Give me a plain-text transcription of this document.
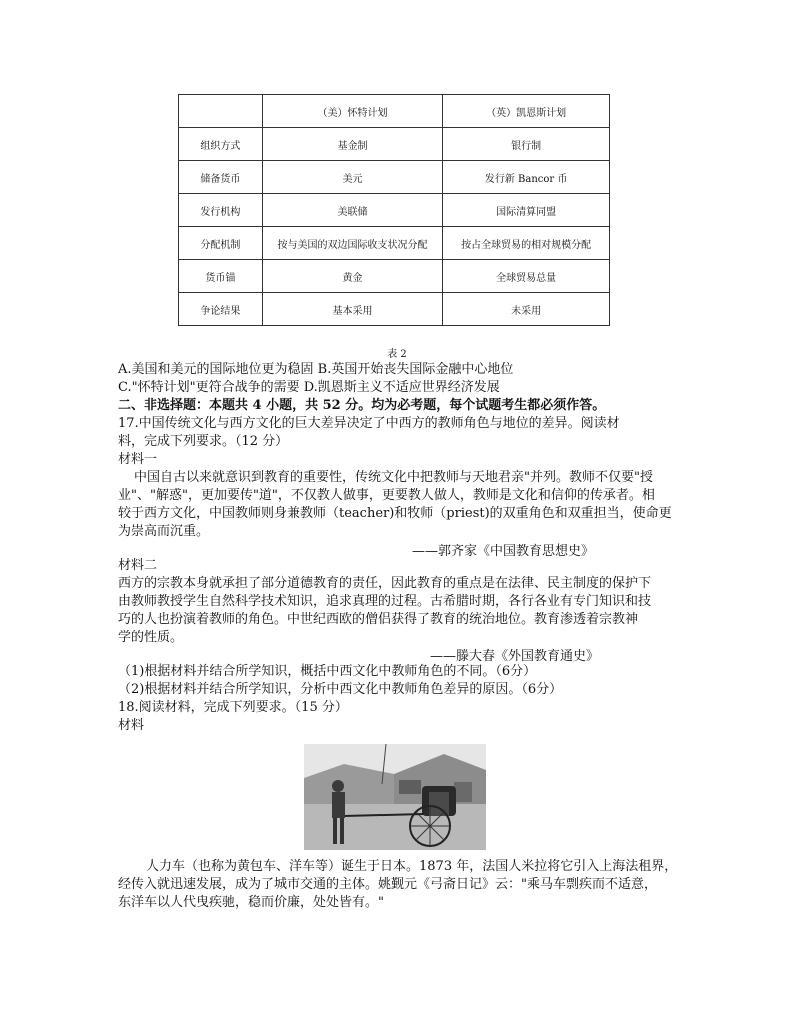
	（美）怀特计划	（英）凯恩斯计划
组织方式	基金制	银行制
储备货币	美元	发行新 Bancor 币
发行机构	美联储	国际清算同盟
分配机制	按与美国的双边国际收支状况分配	按占全球贸易的相对规模分配
货币锚	黄金	全球贸易总量
争论结果	基本采用	未采用
表 2
A.美国和美元的国际地位更为稳固 B.英国开始丧失国际金融中心地位
C."怀特计划"更符合战争的需要 D.凯恩斯主义不适应世界经济发展
二、非选择题：本题共 4 小题，共 52 分。均为必考题，每个试题考生都必须作答。
17.中国传统文化与西方文化的巨大差异决定了中西方的教师角色与地位的差异。阅读材
料，完成下列要求。（12 分）
材料一
中国自古以来就意识到教育的重要性，传统文化中把教师与天地君亲"并列。教师不仅要"授
业"、"解惑"，更加要传"道"，不仅教人做事，更要教人做人，教师是文化和信仰的传承者。相
较于西方文化，中国教师则身兼教师（teacher)和牧师（priest)的双重角色和双重担当，使命更
为崇高而沉重。
——郭齐家《中国教育思想史》
材料二
西方的宗教本身就承担了部分道德教育的责任，因此教育的重点是在法律、民主制度的保护下
由教师教授学生自然科学技术知识，追求真理的过程。古希腊时期，各行各业有专门知识和技
巧的人也扮演着教师的角色。中世纪西欧的僧侣获得了教育的统治地位。教育渗透着宗教神
学的性质。
——滕大春《外国教育通史》
（1)根据材料并结合所学知识，概括中西文化中教师角色的不同。（6分）
（2)根据材料并结合所学知识，分析中西文化中教师角色差异的原因。（6分）
18.阅读材料，完成下列要求。（15 分）
材料
人力车（也称为黄包车、洋车等）诞生于日本。1873 年，法国人米拉将它引入上海法租界，
经传入就迅速发展，成为了城市交通的主体。姚觐元《弓斋日记》云："乘马车剽疾而不适意，
东洋车以人代曳疾驰，稳而价廉，处处皆有。"
